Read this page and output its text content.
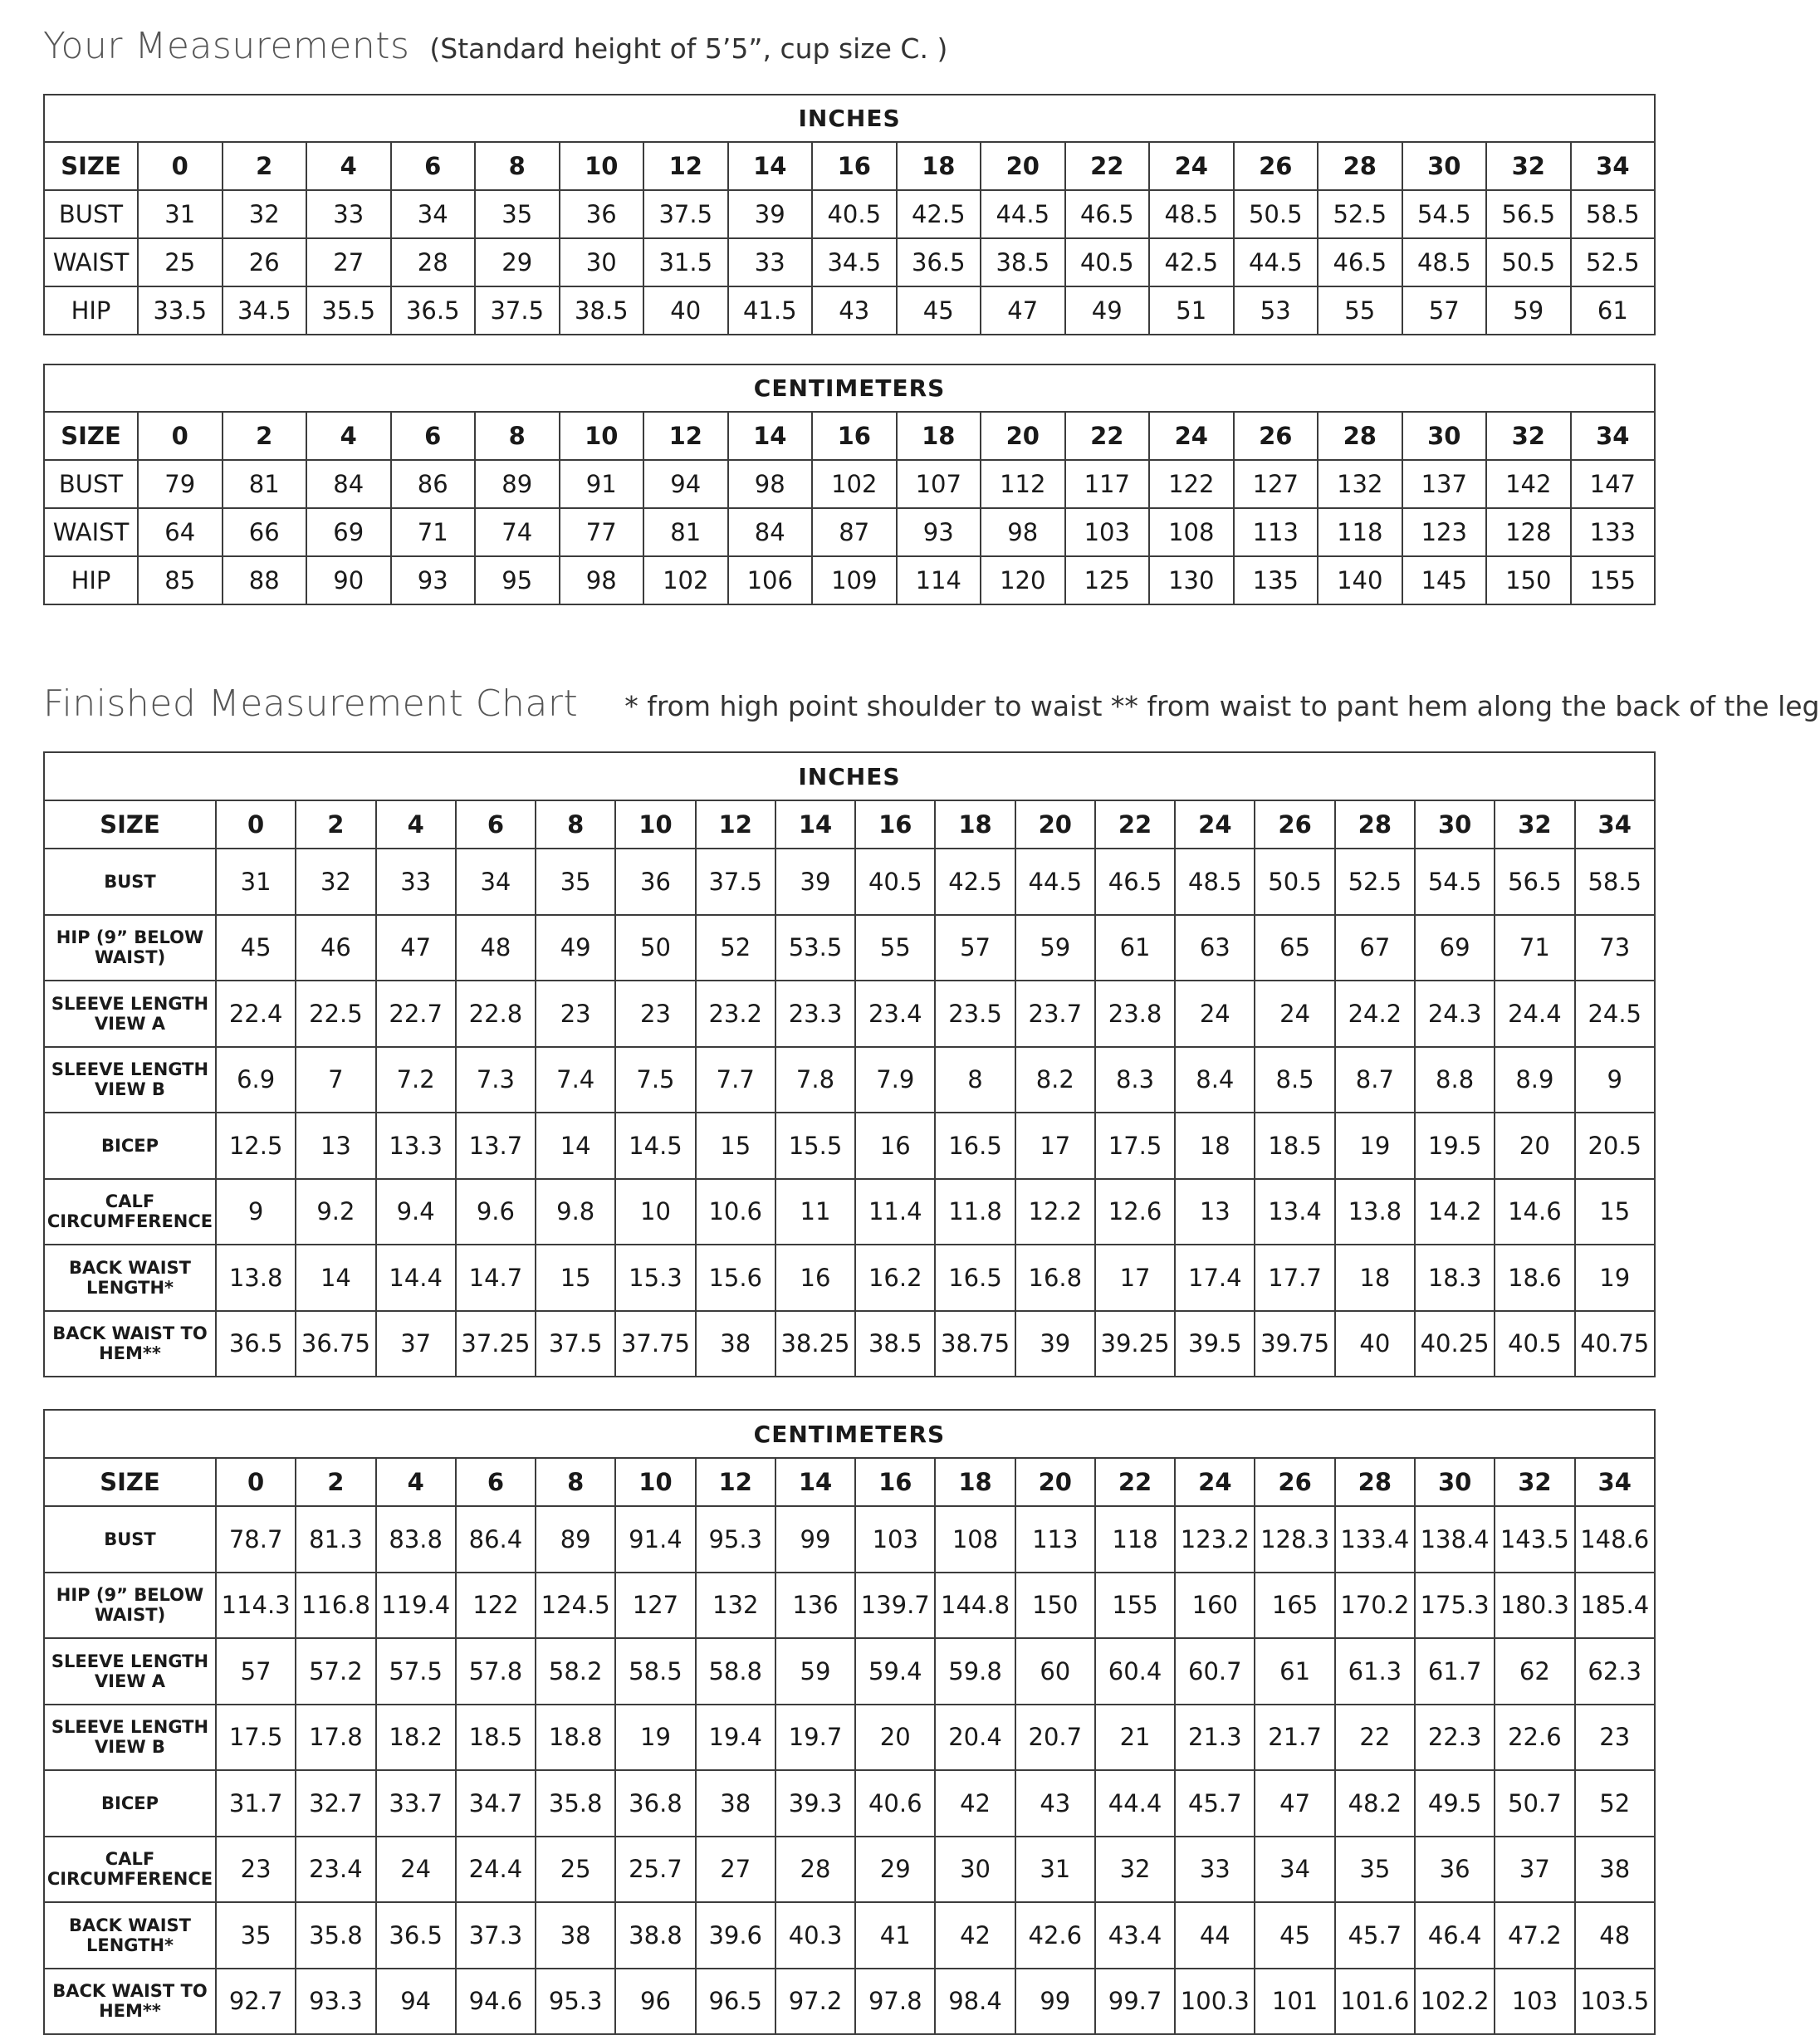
Your Measurements (Standard height of 5’5”, cup size C. )
INCHES																		
SIZE	0	2	4	6	8	10	12	14	16	18	20	22	24	26	28	30	32	34
BUST	31	32	33	34	35	36	37.5	39	40.5	42.5	44.5	46.5	48.5	50.5	52.5	54.5	56.5	58.5
WAIST	25	26	27	28	29	30	31.5	33	34.5	36.5	38.5	40.5	42.5	44.5	46.5	48.5	50.5	52.5
HIP	33.5	34.5	35.5	36.5	37.5	38.5	40	41.5	43	45	47	49	51	53	55	57	59	61
CENTIMETERS																		
SIZE	0	2	4	6	8	10	12	14	16	18	20	22	24	26	28	30	32	34
BUST	79	81	84	86	89	91	94	98	102	107	112	117	122	127	132	137	142	147
WAIST	64	66	69	71	74	77	81	84	87	93	98	103	108	113	118	123	128	133
HIP	85	88	90	93	95	98	102	106	109	114	120	125	130	135	140	145	150	155
Finished Measurement Chart * from high point shoulder to waist ** from waist to pant hem along the back of the leg
INCHES																		
SIZE	0	2	4	6	8	10	12	14	16	18	20	22	24	26	28	30	32	34
BUST	31	32	33	34	35	36	37.5	39	40.5	42.5	44.5	46.5	48.5	50.5	52.5	54.5	56.5	58.5
HIP (9” BELOW WAIST)	45	46	47	48	49	50	52	53.5	55	57	59	61	63	65	67	69	71	73
SLEEVE LENGTH VIEW A	22.4	22.5	22.7	22.8	23	23	23.2	23.3	23.4	23.5	23.7	23.8	24	24	24.2	24.3	24.4	24.5
SLEEVE LENGTH VIEW B	6.9	7	7.2	7.3	7.4	7.5	7.7	7.8	7.9	8	8.2	8.3	8.4	8.5	8.7	8.8	8.9	9
BICEP	12.5	13	13.3	13.7	14	14.5	15	15.5	16	16.5	17	17.5	18	18.5	19	19.5	20	20.5
CALF CIRCUMFERENCE	9	9.2	9.4	9.6	9.8	10	10.6	11	11.4	11.8	12.2	12.6	13	13.4	13.8	14.2	14.6	15
BACK WAIST LENGTH*	13.8	14	14.4	14.7	15	15.3	15.6	16	16.2	16.5	16.8	17	17.4	17.7	18	18.3	18.6	19
BACK WAIST TO HEM**	36.5	36.75	37	37.25	37.5	37.75	38	38.25	38.5	38.75	39	39.25	39.5	39.75	40	40.25	40.5	40.75
CENTIMETERS																		
SIZE	0	2	4	6	8	10	12	14	16	18	20	22	24	26	28	30	32	34
BUST	78.7	81.3	83.8	86.4	89	91.4	95.3	99	103	108	113	118	123.2	128.3	133.4	138.4	143.5	148.6
HIP (9” BELOW WAIST)	114.3	116.8	119.4	122	124.5	127	132	136	139.7	144.8	150	155	160	165	170.2	175.3	180.3	185.4
SLEEVE LENGTH VIEW A	57	57.2	57.5	57.8	58.2	58.5	58.8	59	59.4	59.8	60	60.4	60.7	61	61.3	61.7	62	62.3
SLEEVE LENGTH VIEW B	17.5	17.8	18.2	18.5	18.8	19	19.4	19.7	20	20.4	20.7	21	21.3	21.7	22	22.3	22.6	23
BICEP	31.7	32.7	33.7	34.7	35.8	36.8	38	39.3	40.6	42	43	44.4	45.7	47	48.2	49.5	50.7	52
CALF CIRCUMFERENCE	23	23.4	24	24.4	25	25.7	27	28	29	30	31	32	33	34	35	36	37	38
BACK WAIST LENGTH*	35	35.8	36.5	37.3	38	38.8	39.6	40.3	41	42	42.6	43.4	44	45	45.7	46.4	47.2	48
BACK WAIST TO HEM**	92.7	93.3	94	94.6	95.3	96	96.5	97.2	97.8	98.4	99	99.7	100.3	101	101.6	102.2	103	103.5
